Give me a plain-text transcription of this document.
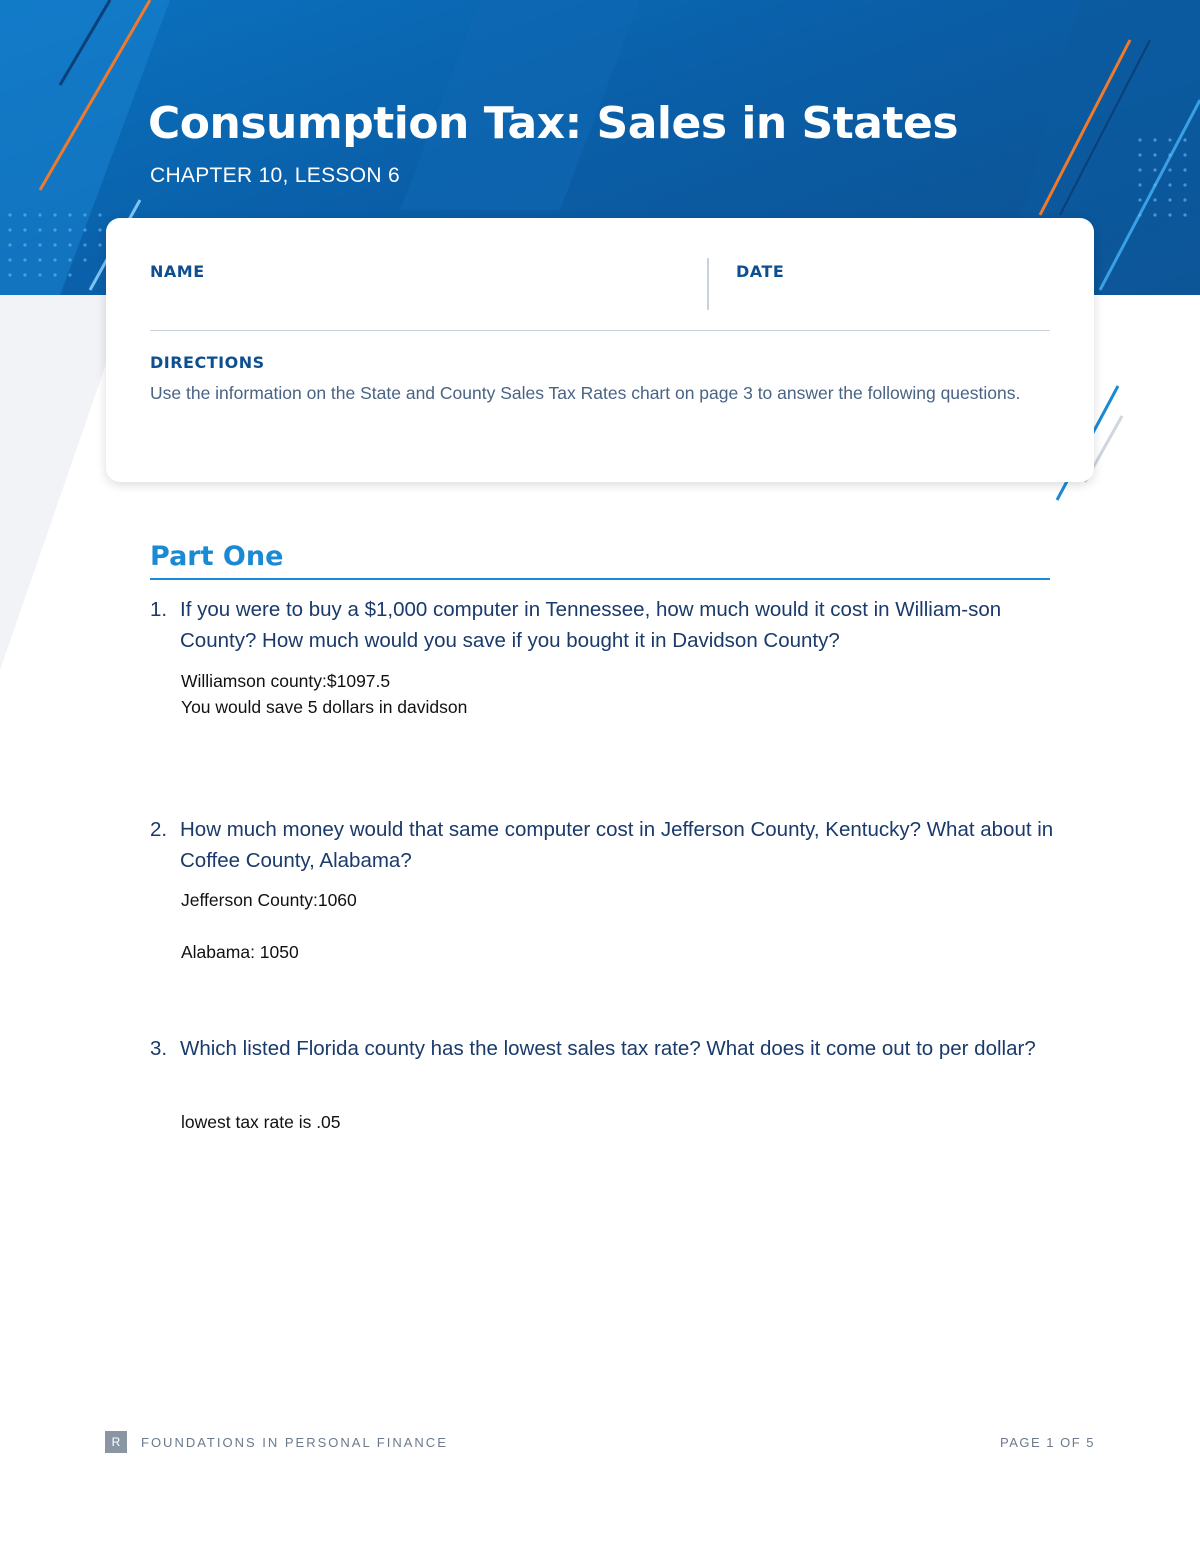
Consumption Tax: Sales in States
CHAPTER 10, LESSON 6
NAME	DATE
DIRECTIONS
Use the information on the State and County Sales Tax Rates chart on page 3 to answer the following questions.
Part One
1. If you were to buy a $1,000 computer in Tennessee, how much would it cost in William-son County? How much would you save if you bought it in Davidson County?
Williamson county:$1097.5
You would save 5 dollars in davidson
2. How much money would that same computer cost in Jefferson County, Kentucky? What about in Coffee County, Alabama?
Jefferson County:1060
Alabama: 1050
3. Which listed Florida county has the lowest sales tax rate? What does it come out to per dollar?
lowest tax rate is .05
R	FOUNDATIONS IN PERSONAL FINANCE	PAGE 1 OF 5
